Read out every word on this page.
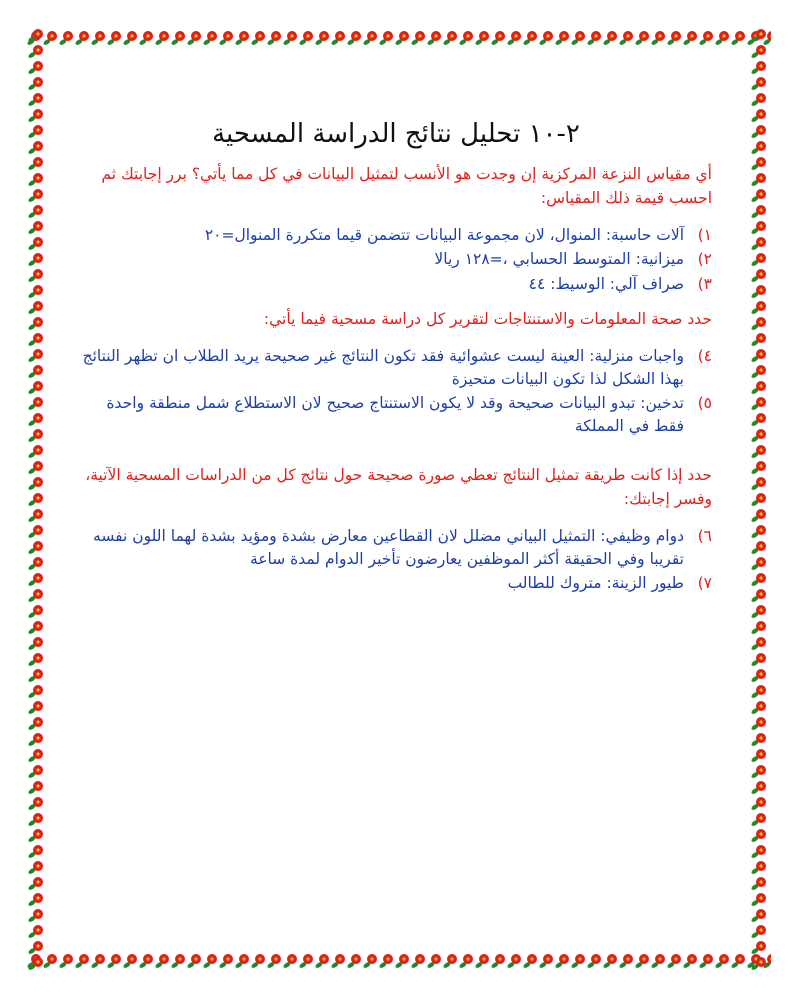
٢-١٠ تحليل نتائج الدراسة المسحية

أي مقياس النزعة المركزية إن وجدت هو الأنسب لتمثيل البيانات في كل مما يأتي؟ برر إجابتك ثم احسب قيمة ذلك المقياس:

١)
آلات حاسبة: المنوال، لان مجموعة البيانات تتضمن قيما متكررة المنوال=٢٠
٢)
ميزانية: المتوسط الحسابي ،=١٢٨ ريالا
٣)
صراف آلي: الوسيط: ٤٤

حدد صحة المعلومات والاستنتاجات لتقرير كل دراسة مسحية فيما يأتي:

٤)
واجبات منزلية: العينة ليست عشوائية فقد تكون النتائج غير صحيحة يريد الطلاب ان تظهر النتائج بهذا الشكل لذا تكون البيانات متحيزة
٥)
تدخين: تبدو البيانات صحيحة وقد لا يكون الاستنتاج صحيح لان الاستطلاع شمل منطقة واحدة فقط في المملكة

حدد إذا كانت طريقة تمثيل النتائج تعطي صورة صحيحة حول نتائج كل من الدراسات المسحية الآتية، وفسر إجابتك:

٦)
دوام وظيفي: التمثيل البياني مضلل لان القطاعين معارض بشدة ومؤيد بشدة لهما اللون نفسه تقريبا وفي الحقيقة أكثر الموظفين يعارضون تأخير الدوام لمدة ساعة
٧)
طيور الزينة: متروك للطالب
